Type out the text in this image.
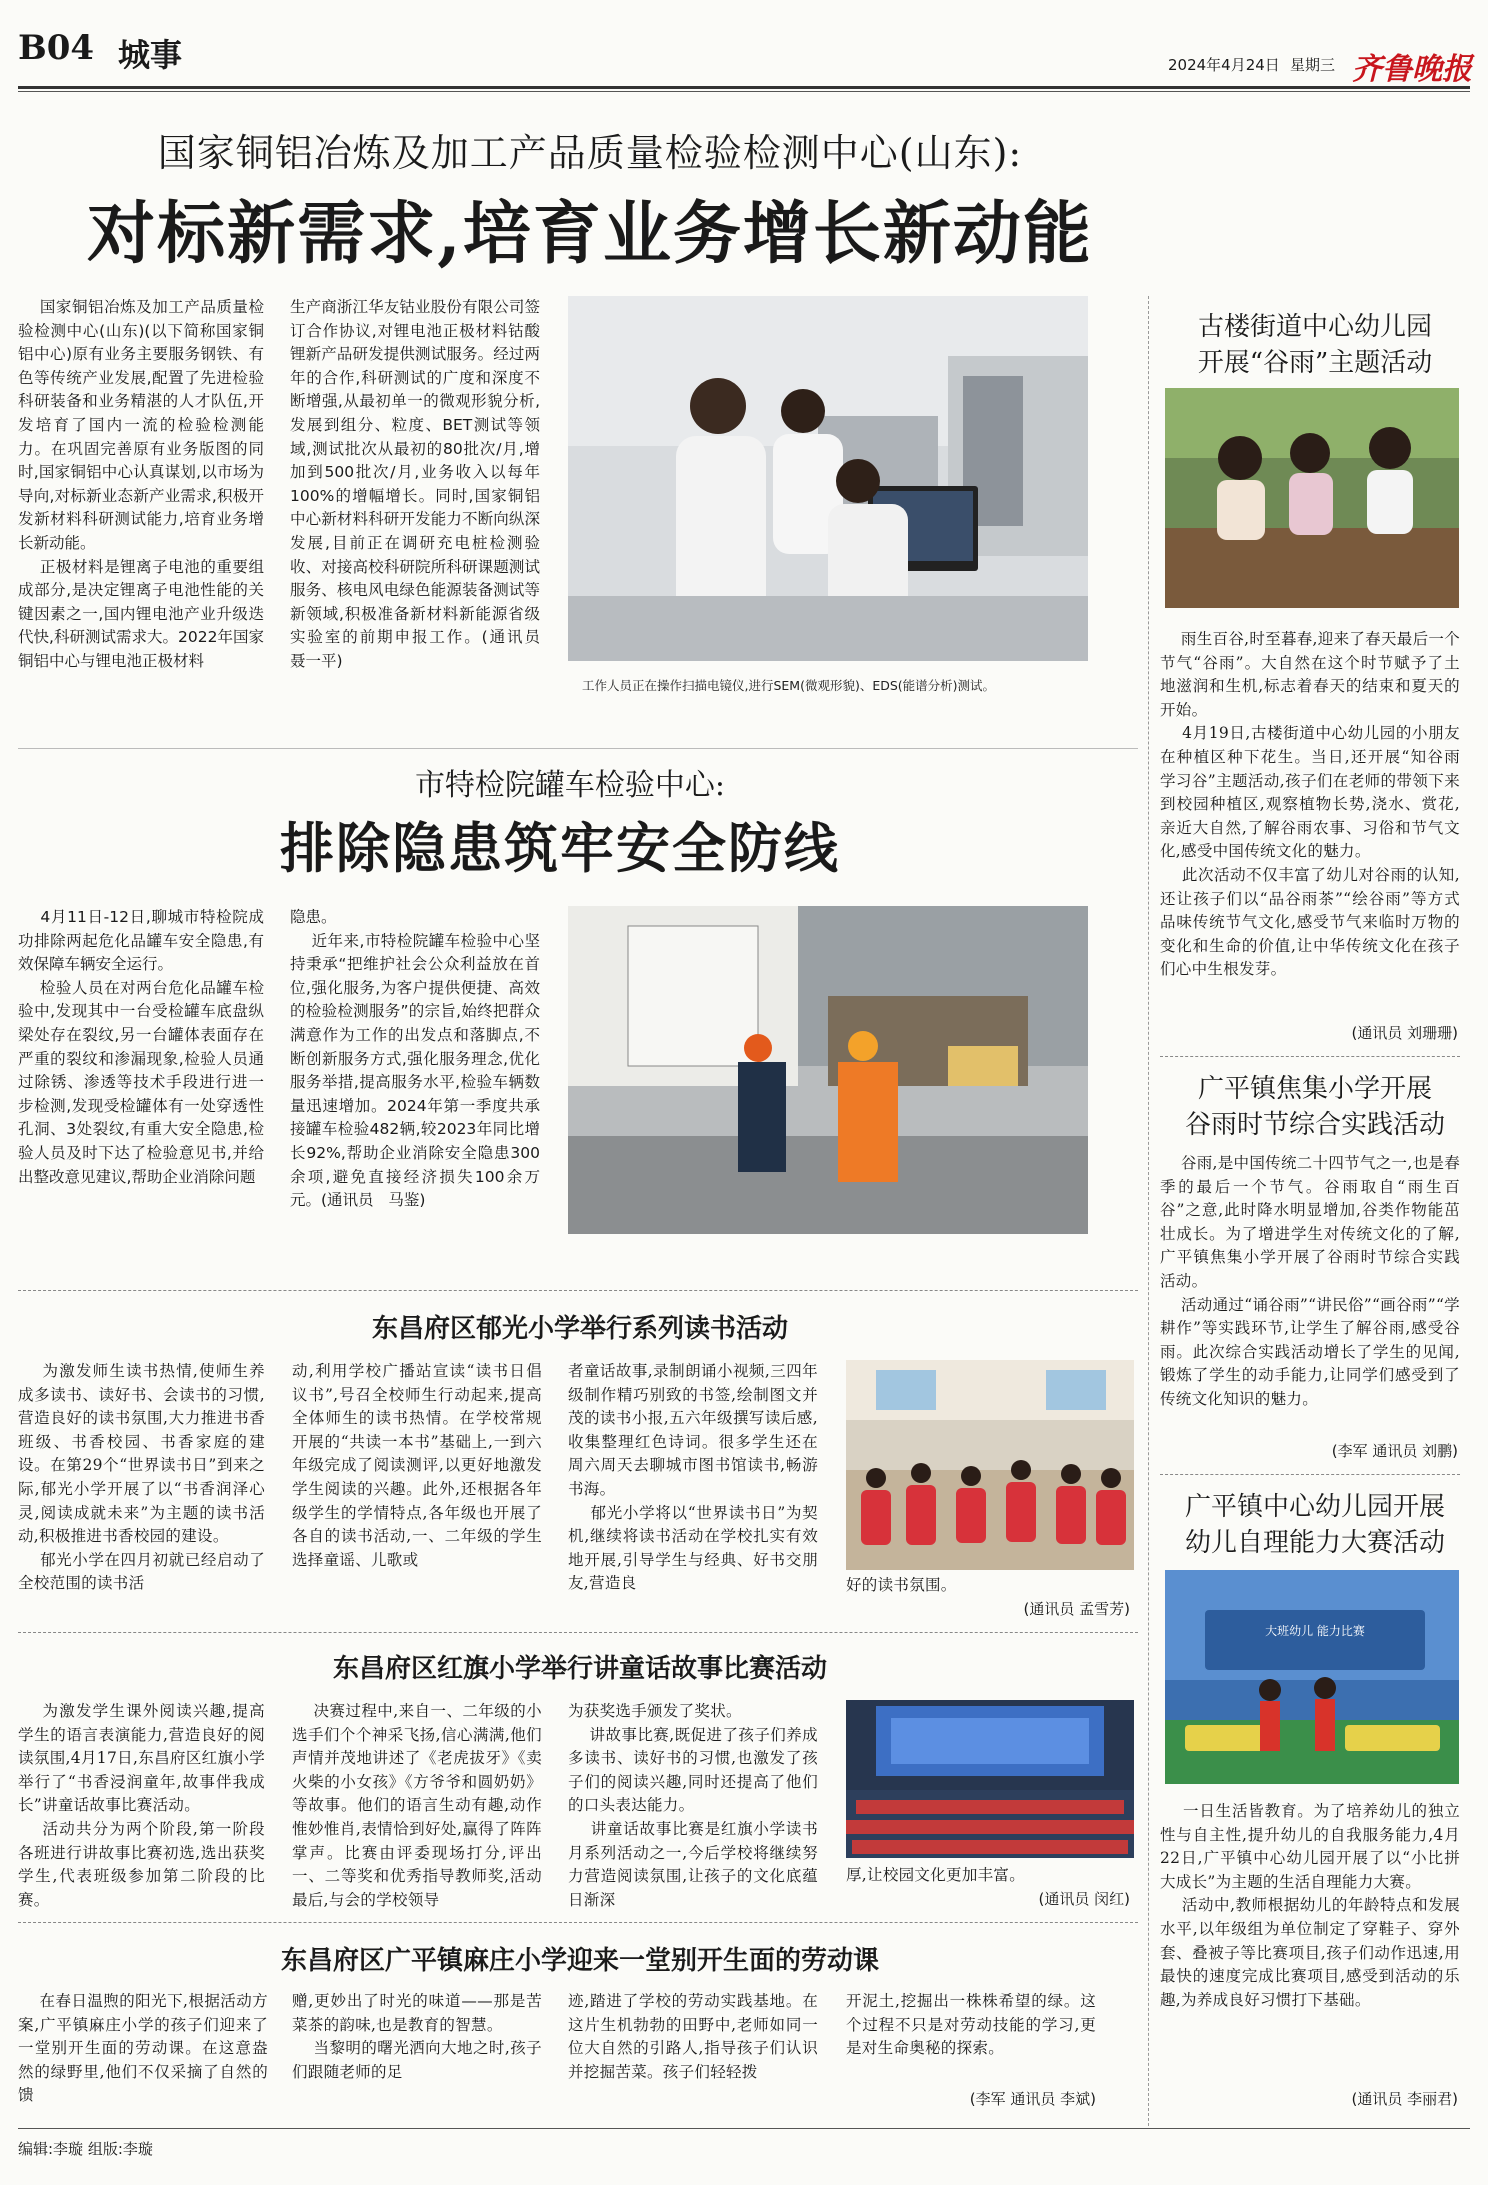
B04 城事	2024年4月24日 星期三 齐鲁晚报
国家铜铝冶炼及加工产品质量检验检测中心(山东):
对标新需求,培育业务增长新动能
国家铜铝冶炼及加工产品质量检验检测中心(山东)(以下简称国家铜铝中心)原有业务主要服务钢铁、有色等传统产业发展,配置了先进检验科研装备和业务精湛的人才队伍,开发培育了国内一流的检验检测能力。在巩固完善原有业务版图的同时,国家铜铝中心认真谋划,以市场为导向,对标新业态新产业需求,积极开发新材料科研测试能力,培育业务增长新动能。
正极材料是锂离子电池的重要组成部分,是决定锂离子电池性能的关键因素之一,国内锂电池产业升级迭代快,科研测试需求大。2022年国家铜铝中心与锂电池正极材料
生产商浙江华友钴业股份有限公司签订合作协议,对锂电池正极材料钴酸锂新产品研发提供测试服务。经过两年的合作,科研测试的广度和深度不断增强,从最初单一的微观形貌分析,发展到组分、粒度、BET测试等领域,测试批次从最初的80批次/月,增加到500批次/月,业务收入以每年100%的增幅增长。同时,国家铜铝中心新材料科研开发能力不断向纵深发展,目前正在调研充电桩检测验收、对接高校科研院所科研课题测试服务、核电风电绿色能源装备测试等新领域,积极准备新材料新能源省级实验室的前期申报工作。(通讯员   聂一平)
工作人员正在操作扫描电镜仪,进行SEM(微观形貌)、EDS(能谱分析)测试。
古楼街道中心幼儿园
开展“谷雨”主题活动
雨生百谷,时至暮春,迎来了春天最后一个节气“谷雨”。大自然在这个时节赋予了土地滋润和生机,标志着春天的结束和夏天的开始。
4月19日,古楼街道中心幼儿园的小朋友在种植区种下花生。当日,还开展“知谷雨  学习谷”主题活动,孩子们在老师的带领下来到校园种植区,观察植物长势,浇水、赏花,亲近大自然,了解谷雨农事、习俗和节气文化,感受中国传统文化的魅力。
此次活动不仅丰富了幼儿对谷雨的认知,还让孩子们以“品谷雨茶”“绘谷雨”等方式品味传统节气文化,感受节气来临时万物的变化和生命的价值,让中华传统文化在孩子们心中生根发芽。
(通讯员 刘珊珊)
广平镇焦集小学开展
谷雨时节综合实践活动
谷雨,是中国传统二十四节气之一,也是春季的最后一个节气。谷雨取自“雨生百谷”之意,此时降水明显增加,谷类作物能茁壮成长。为了增进学生对传统文化的了解,广平镇焦集小学开展了谷雨时节综合实践活动。
活动通过“诵谷雨”“讲民俗”“画谷雨”“学耕作”等实践环节,让学生了解谷雨,感受谷雨。此次综合实践活动增长了学生的见闻,锻炼了学生的动手能力,让同学们感受到了传统文化知识的魅力。
(李军 通讯员 刘鹏)
广平镇中心幼儿园开展
幼儿自理能力大赛活动
大班幼儿 能力比赛
一日生活皆教育。为了培养幼儿的独立性与自主性,提升幼儿的自我服务能力,4月22日,广平镇中心幼儿园开展了以“小比拼  大成长”为主题的生活自理能力大赛。
活动中,教师根据幼儿的年龄特点和发展水平,以年级组为单位制定了穿鞋子、穿外套、叠被子等比赛项目,孩子们动作迅速,用最快的速度完成比赛项目,感受到活动的乐趣,为养成良好习惯打下基础。
(通讯员 李丽君)
市特检院罐车检验中心:
排除隐患筑牢安全防线
4月11日-12日,聊城市特检院成功排除两起危化品罐车安全隐患,有效保障车辆安全运行。
检验人员在对两台危化品罐车检验中,发现其中一台受检罐车底盘纵梁处存在裂纹,另一台罐体表面存在严重的裂纹和渗漏现象,检验人员通过除锈、渗透等技术手段进行进一步检测,发现受检罐体有一处穿透性孔洞、3处裂纹,有重大安全隐患,检验人员及时下达了检验意见书,并给出整改意见建议,帮助企业消除问题
隐患。
近年来,市特检院罐车检验中心坚持秉承“把维护社会公众利益放在首位,强化服务,为客户提供便捷、高效的检验检测服务”的宗旨,始终把群众满意作为工作的出发点和落脚点,不断创新服务方式,强化服务理念,优化服务举措,提高服务水平,检验车辆数量迅速增加。2024年第一季度共承接罐车检验482辆,较2023年同比增长92%,帮助企业消除安全隐患300余项,避免直接经济损失100余万元。(通讯员   马鉴)
东昌府区郁光小学举行系列读书活动
为激发师生读书热情,使师生养成多读书、读好书、会读书的习惯,营造良好的读书氛围,大力推进书香班级、书香校园、书香家庭的建设。在第29个“世界读书日”到来之际,郁光小学开展了以“书香润泽心灵,阅读成就未来”为主题的读书活动,积极推进书香校园的建设。
郁光小学在四月初就已经启动了全校范围的读书活
动,利用学校广播站宣读“读书日倡议书”,号召全校师生行动起来,提高全体师生的读书热情。在学校常规开展的“共读一本书”基础上,一到六年级完成了阅读测评,以更好地激发学生阅读的兴趣。此外,还根据各年级学生的学情特点,各年级也开展了各自的读书活动,一、二年级的学生选择童谣、儿歌或
者童话故事,录制朗诵小视频,三四年级制作精巧别致的书签,绘制图文并茂的读书小报,五六年级撰写读后感,收集整理红色诗词。很多学生还在周六周天去聊城市图书馆读书,畅游书海。
郁光小学将以“世界读书日”为契机,继续将读书活动在学校扎实有效地开展,引导学生与经典、好书交朋友,营造良	好的读书氛围。
(通讯员 孟雪芳)
东昌府区红旗小学举行讲童话故事比赛活动
为激发学生课外阅读兴趣,提高学生的语言表演能力,营造良好的阅读氛围,4月17日,东昌府区红旗小学举行了“书香浸润童年,故事伴我成长”讲童话故事比赛活动。
活动共分为两个阶段,第一阶段各班进行讲故事比赛初选,选出获奖学生,代表班级参加第二阶段的比赛。
决赛过程中,来自一、二年级的小选手们个个神采飞扬,信心满满,他们声情并茂地讲述了《老虎拔牙》《卖火柴的小女孩》《方爷爷和圆奶奶》等故事。他们的语言生动有趣,动作惟妙惟肖,表情恰到好处,赢得了阵阵掌声。比赛由评委现场打分,评出一、二等奖和优秀指导教师奖,活动最后,与会的学校领导
为获奖选手颁发了奖状。
讲故事比赛,既促进了孩子们养成多读书、读好书的习惯,也激发了孩子们的阅读兴趣,同时还提高了他们的口头表达能力。
讲童话故事比赛是红旗小学读书月系列活动之一,今后学校将继续努力营造阅读氛围,让孩子的文化底蕴日渐深
厚,让校园文化更加丰富。
(通讯员 闵红)
东昌府区广平镇麻庄小学迎来一堂别开生面的劳动课
在春日温煦的阳光下,根据活动方案,广平镇麻庄小学的孩子们迎来了一堂别开生面的劳动课。在这意盎然的绿野里,他们不仅采摘了自然的馈
赠,更妙出了时光的味道——那是苦菜茶的韵味,也是教育的智慧。
当黎明的曙光洒向大地之时,孩子们跟随老师的足
迹,踏进了学校的劳动实践基地。在这片生机勃勃的田野中,老师如同一位大自然的引路人,指导孩子们认识并挖掘苦菜。孩子们轻轻拨
开泥土,挖掘出一株株希望的绿。这个过程不只是对劳动技能的学习,更是对生命奥秘的探索。
(李军 通讯员 李斌)
编辑:李璇 组版:李璇
